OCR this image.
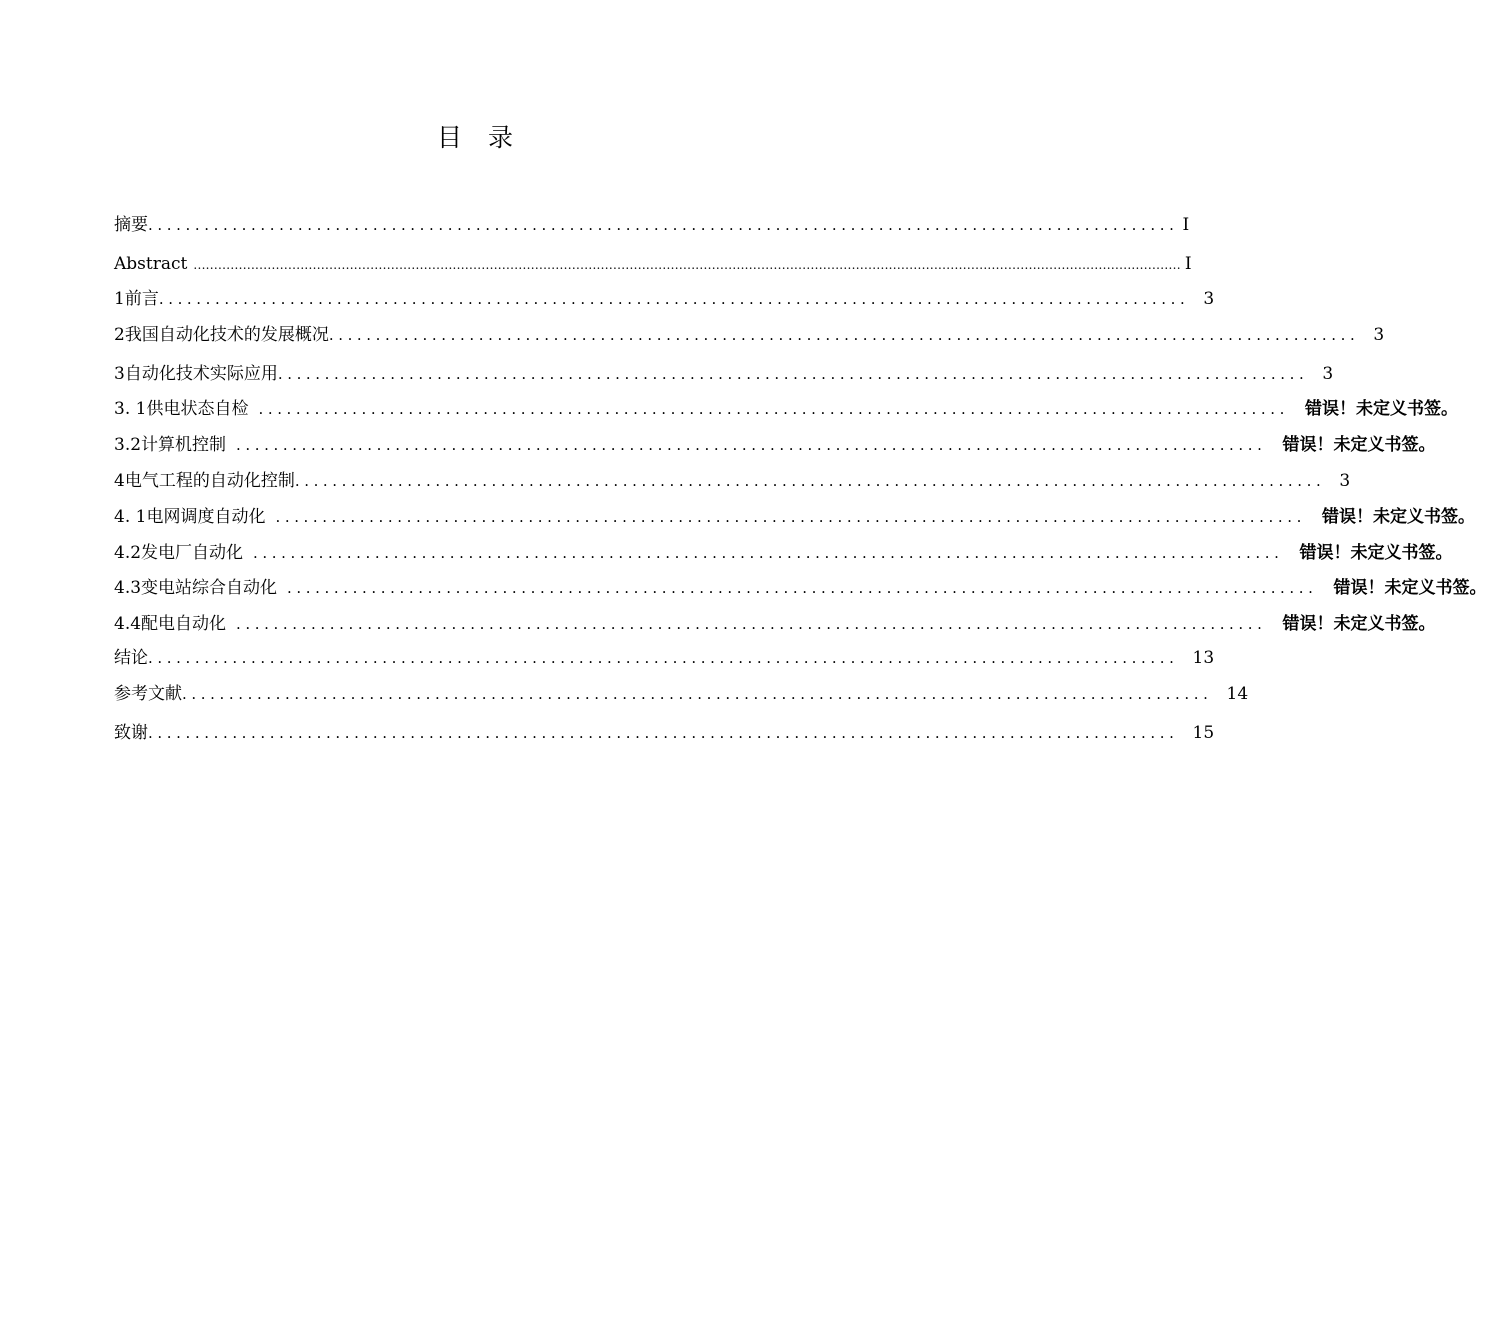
目录
摘要 .............................................................................................................. I
Abstract ................................................................................................................................................................................................................................................ I
1 前言 .............................................................................................................. 3
2 我国自动化技术的发展概况 .............................................................................................................. 3
3 自动化技术实际应用 .............................................................................................................. 3
3. 1 供电状态自检 .............................................................................................................. 错误！未定义书签。
3.2 计算机控制 .............................................................................................................. 错误！未定义书签。
4 电气工程的自动化控制 .............................................................................................................. 3
4. 1 电网调度自动化 .............................................................................................................. 错误！未定义书签。
4.2 发电厂自动化 .............................................................................................................. 错误！未定义书签。
4.3 变电站综合自动化 .............................................................................................................. 错误！未定义书签。
4.4 配电自动化 .............................................................................................................. 错误！未定义书签。
结论 .............................................................................................................. 13
参考文献 .............................................................................................................. 14
致谢 .............................................................................................................. 15
